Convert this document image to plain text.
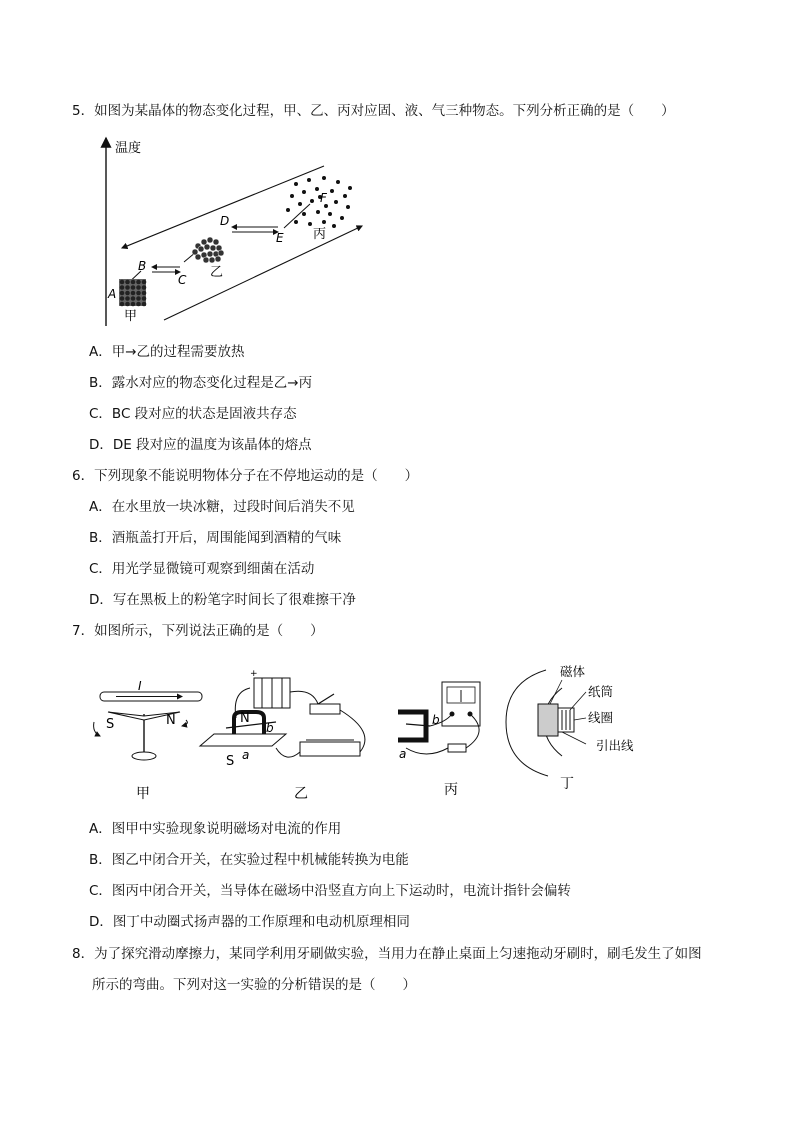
5．如图为某晶体的物态变化过程，甲、乙、丙对应固、液、气三种物态。下列分析正确的是（　　）
温度
A
B
C
D
E
F
甲
乙
丙
A．甲→乙的过程需要放热
B．露水对应的物态变化过程是乙→丙
C．BC 段对应的状态是固液共存态
D．DE 段对应的温度为该晶体的熔点
6．下列现象不能说明物体分子在不停地运动的是（　　）
A．在水里放一块冰糖，过段时间后消失不见
B．酒瓶盖打开后，周围能闻到酒精的气味
C．用光学显微镜可观察到细菌在活动
D．写在黑板上的粉笔字时间长了很难擦干净
7．如图所示，下列说法正确的是（　　）
I
S	N
甲
+
N
S a
b
乙
b
a
丙
磁体
纸筒
线圈
引出线
丁
A．图甲中实验现象说明磁场对电流的作用
B．图乙中闭合开关，在实验过程中机械能转换为电能
C．图丙中闭合开关，当导体在磁场中沿竖直方向上下运动时，电流计指针会偏转
D．图丁中动圈式扬声器的工作原理和电动机原理相同
8．为了探究滑动摩擦力，某同学利用牙刷做实验，当用力在静止桌面上匀速拖动牙刷时，刷毛发生了如图
所示的弯曲。下列对这一实验的分析错误的是（　　）
